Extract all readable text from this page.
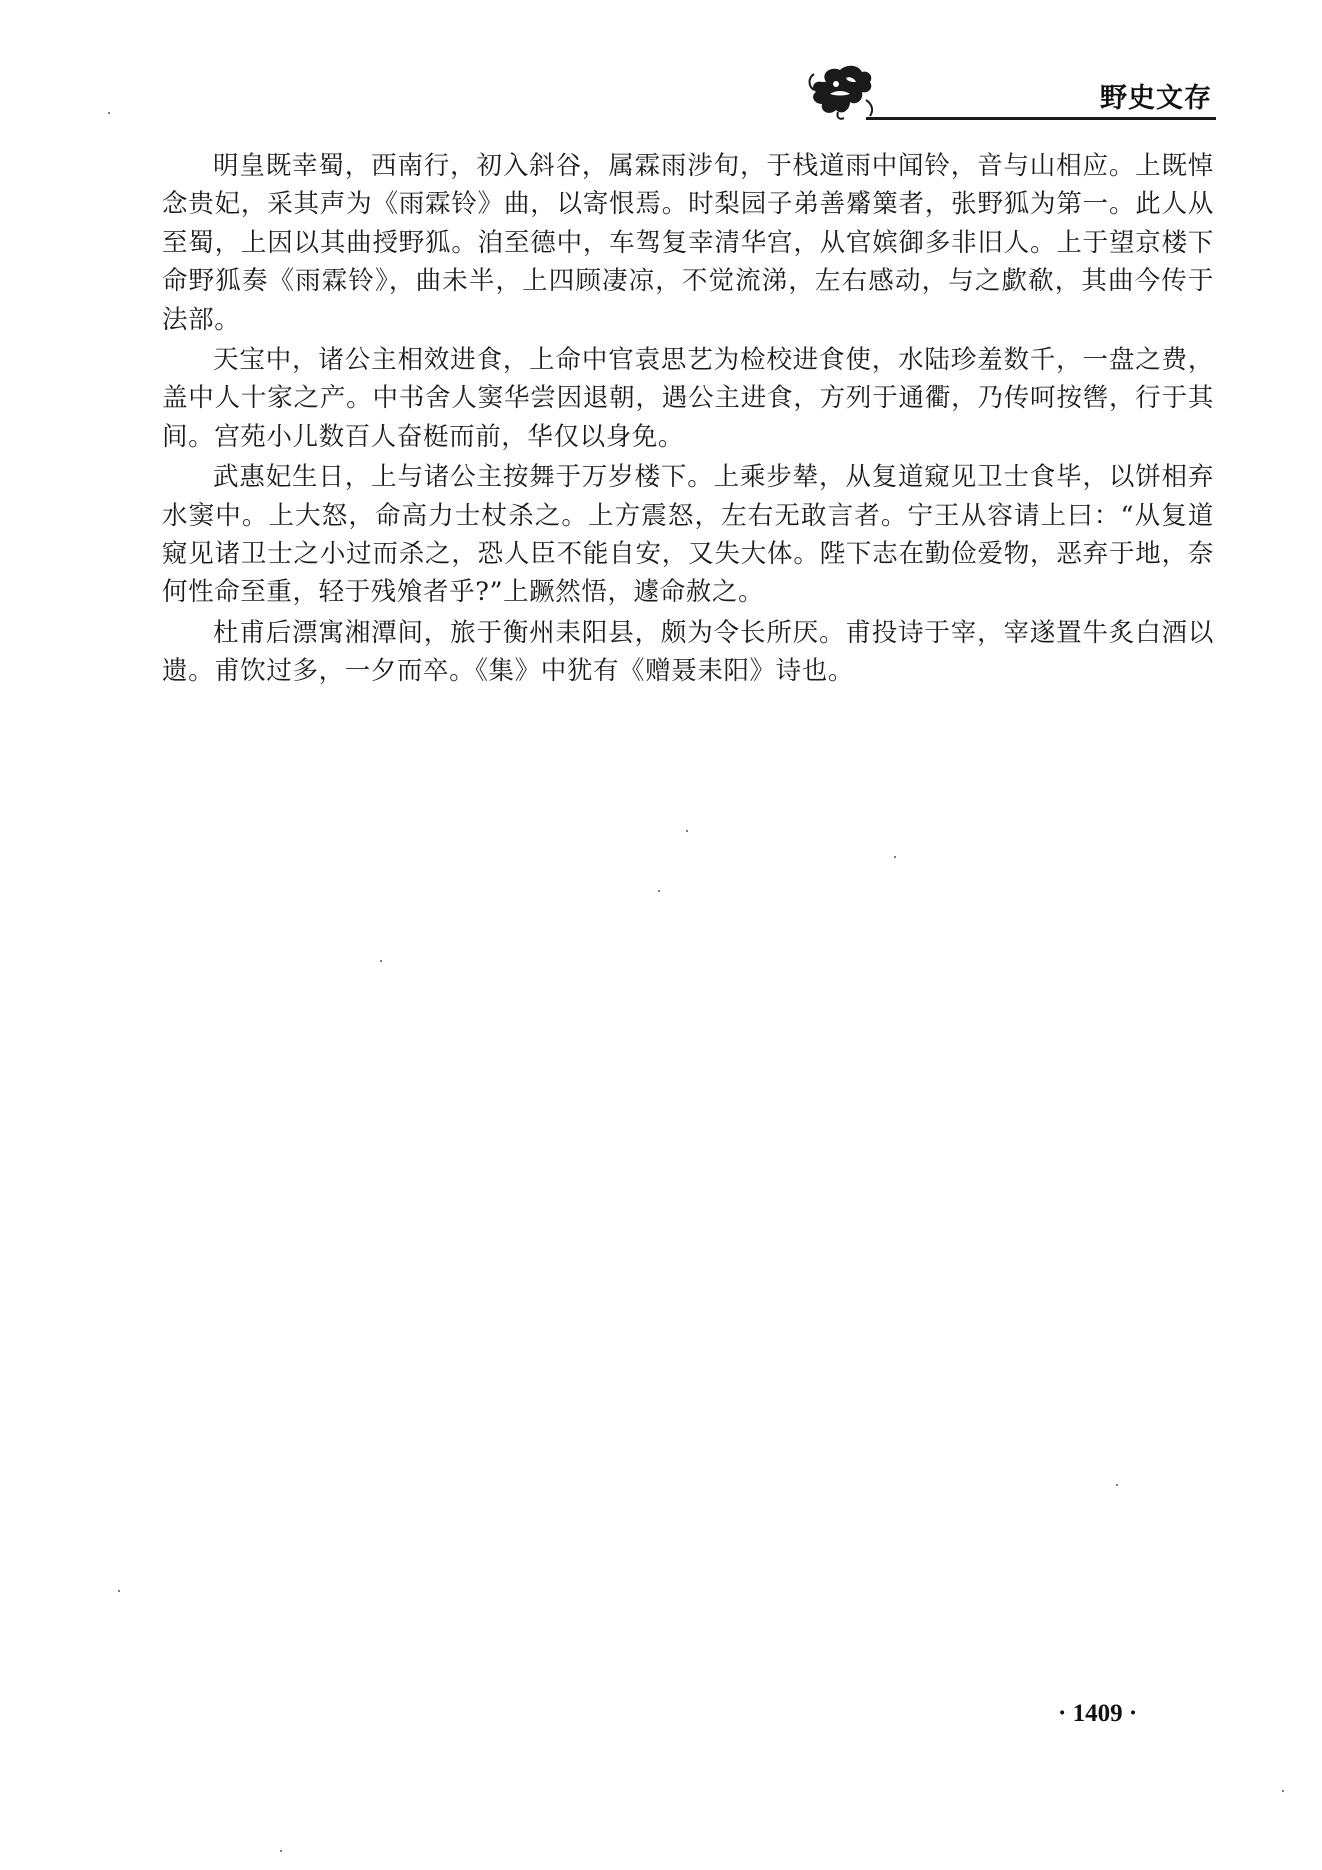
野史文存

明皇既幸蜀，西南行，初入斜谷，属霖雨涉旬，于栈道雨中闻铃，音与山相应。上既悼念贵妃，采其声为《雨霖铃》曲，以寄恨焉。时梨园子弟善觱篥者，张野狐为第一。此人从至蜀，上因以其曲授野狐。洎至德中，车驾复幸清华宫，从官嫔御多非旧人。上于望京楼下命野狐奏《雨霖铃》，曲未半，上四顾凄凉，不觉流涕，左右感动，与之歔欷，其曲今传于法部。

天宝中，诸公主相效进食，上命中官袁思艺为检校进食使，水陆珍羞数千，一盘之费，盖中人十家之产。中书舍人窦华尝因退朝，遇公主进食，方列于通衢，乃传呵按辔，行于其间。宫苑小儿数百人奋梃而前，华仅以身免。

武惠妃生日，上与诸公主按舞于万岁楼下。上乘步辇，从复道窥见卫士食毕，以饼相弃水窦中。上大怒，命高力士杖杀之。上方震怒，左右无敢言者。宁王从容请上曰：“从复道窥见诸卫士之小过而杀之，恐人臣不能自安，又失大体。陛下志在勤俭爱物，恶弃于地，奈何性命至重，轻于残飧者乎?”上蹶然悟，遽命赦之。

杜甫后漂寓湘潭间，旅于衡州耒阳县，颇为令长所厌。甫投诗于宰，宰遂置牛炙白酒以遗。甫饮过多，一夕而卒。《集》中犹有《赠聂耒阳》诗也。

· 1409 ·
